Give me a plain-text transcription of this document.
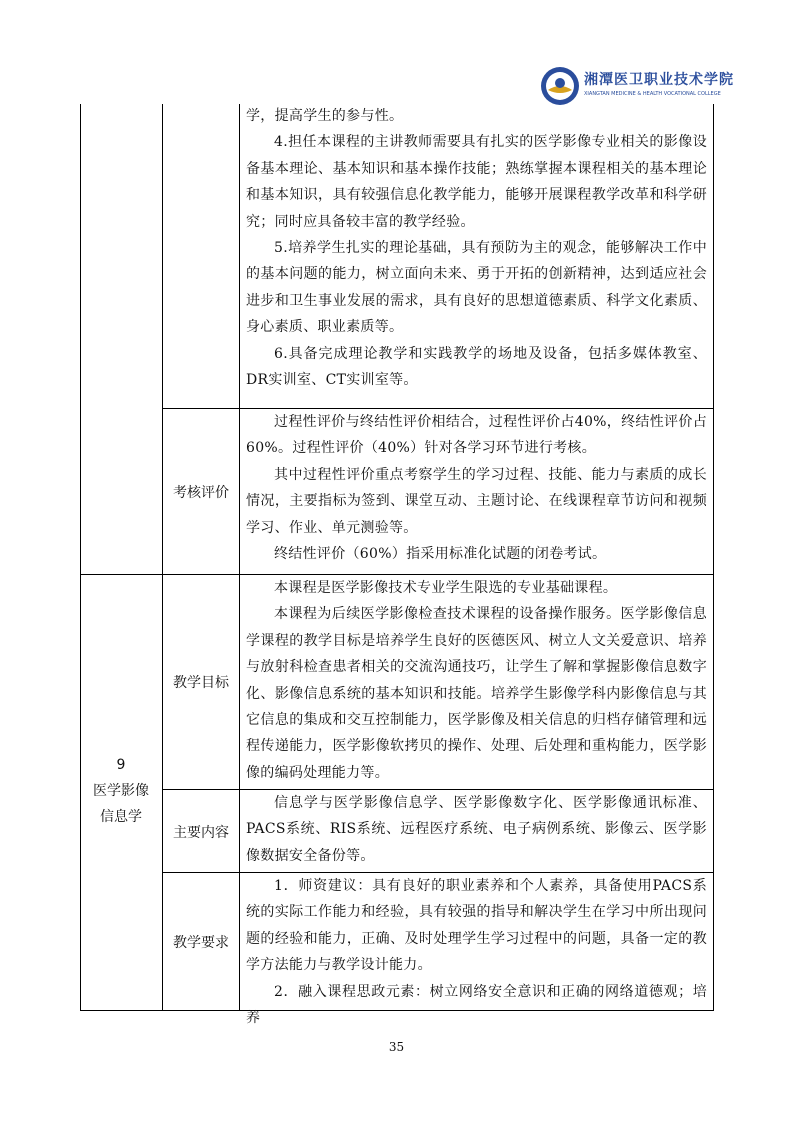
湘潭医卫职业技术学院
XIANGTAN MEDICINE & HEALTH VOCATIONAL COLLEGE

学，提高学生的参与性。

4.担任本课程的主讲教师需要具有扎实的医学影像专业相关的影像设备基本理论、基本知识和基本操作技能；熟练掌握本课程相关的基本理论和基本知识，具有较强信息化教学能力，能够开展课程教学改革和科学研究；同时应具备较丰富的教学经验。

5.培养学生扎实的理论基础，具有预防为主的观念，能够解决工作中的基本问题的能力，树立面向未来、勇于开拓的创新精神，达到适应社会进步和卫生事业发展的需求，具有良好的思想道德素质、科学文化素质、身心素质、职业素质等。

6.具备完成理论教学和实践教学的场地及设备，包括多媒体教室、DR实训室、CT实训室等。

考核评价

过程性评价与终结性评价相结合，过程性评价占40%，终结性评价占60%。过程性评价（40%）针对各学习环节进行考核。

其中过程性评价重点考察学生的学习过程、技能、能力与素质的成长情况，主要指标为签到、课堂互动、主题讨论、在线课程章节访问和视频学习、作业、单元测验等。

终结性评价（60%）指采用标准化试题的闭卷考试。

9
医学影像
信息学
教学目标

本课程是医学影像技术专业学生限选的专业基础课程。

本课程为后续医学影像检查技术课程的设备操作服务。医学影像信息学课程的教学目标是培养学生良好的医德医风、树立人文关爱意识、培养与放射科检查患者相关的交流沟通技巧，让学生了解和掌握影像信息数字化、影像信息系统的基本知识和技能。培养学生影像学科内影像信息与其它信息的集成和交互控制能力，医学影像及相关信息的归档存储管理和远程传递能力，医学影像软拷贝的操作、处理、后处理和重构能力，医学影像的编码处理能力等。

主要内容

信息学与医学影像信息学、医学影像数字化、医学影像通讯标准、PACS系统、RIS系统、远程医疗系统、电子病例系统、影像云、医学影像数据安全备份等。

教学要求

1．师资建议：具有良好的职业素养和个人素养，具备使用PACS系统的实际工作能力和经验，具有较强的指导和解决学生在学习中所出现问题的经验和能力，正确、及时处理学生学习过程中的问题，具备一定的教学方法能力与教学设计能力。

2．融入课程思政元素：树立网络安全意识和正确的网络道德观；培养

35
